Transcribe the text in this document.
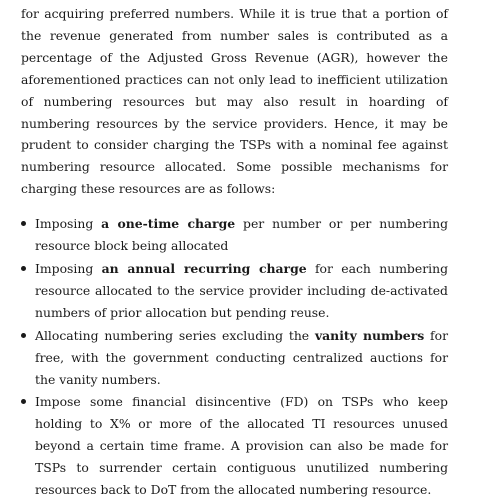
for acquiring preferred numbers. While it is true that a portion of the revenue generated from number sales is contributed as a percentage of the Adjusted Gross Revenue (AGR), however the aforementioned practices can not only lead to inefficient utilization of numbering resources but may also result in hoarding of numbering resources by the service providers. Hence, it may be prudent to consider charging the TSPs with a nominal fee against numbering resource allocated. Some possible mechanisms for charging these resources are as follows:

Imposing a one-time charge per number or per numbering resource block being allocated
Imposing an annual recurring charge for each numbering resource allocated to the service provider including de-activated numbers of prior allocation but pending reuse.
Allocating numbering series excluding the vanity numbers for free, with the government conducting centralized auctions for the vanity numbers.
Impose some financial disincentive (FD) on TSPs who keep holding to X% or more of the allocated TI resources unused beyond a certain time frame. A provision can also be made for TSPs to surrender certain contiguous unutilized numbering resources back to DoT from the allocated numbering resource.
